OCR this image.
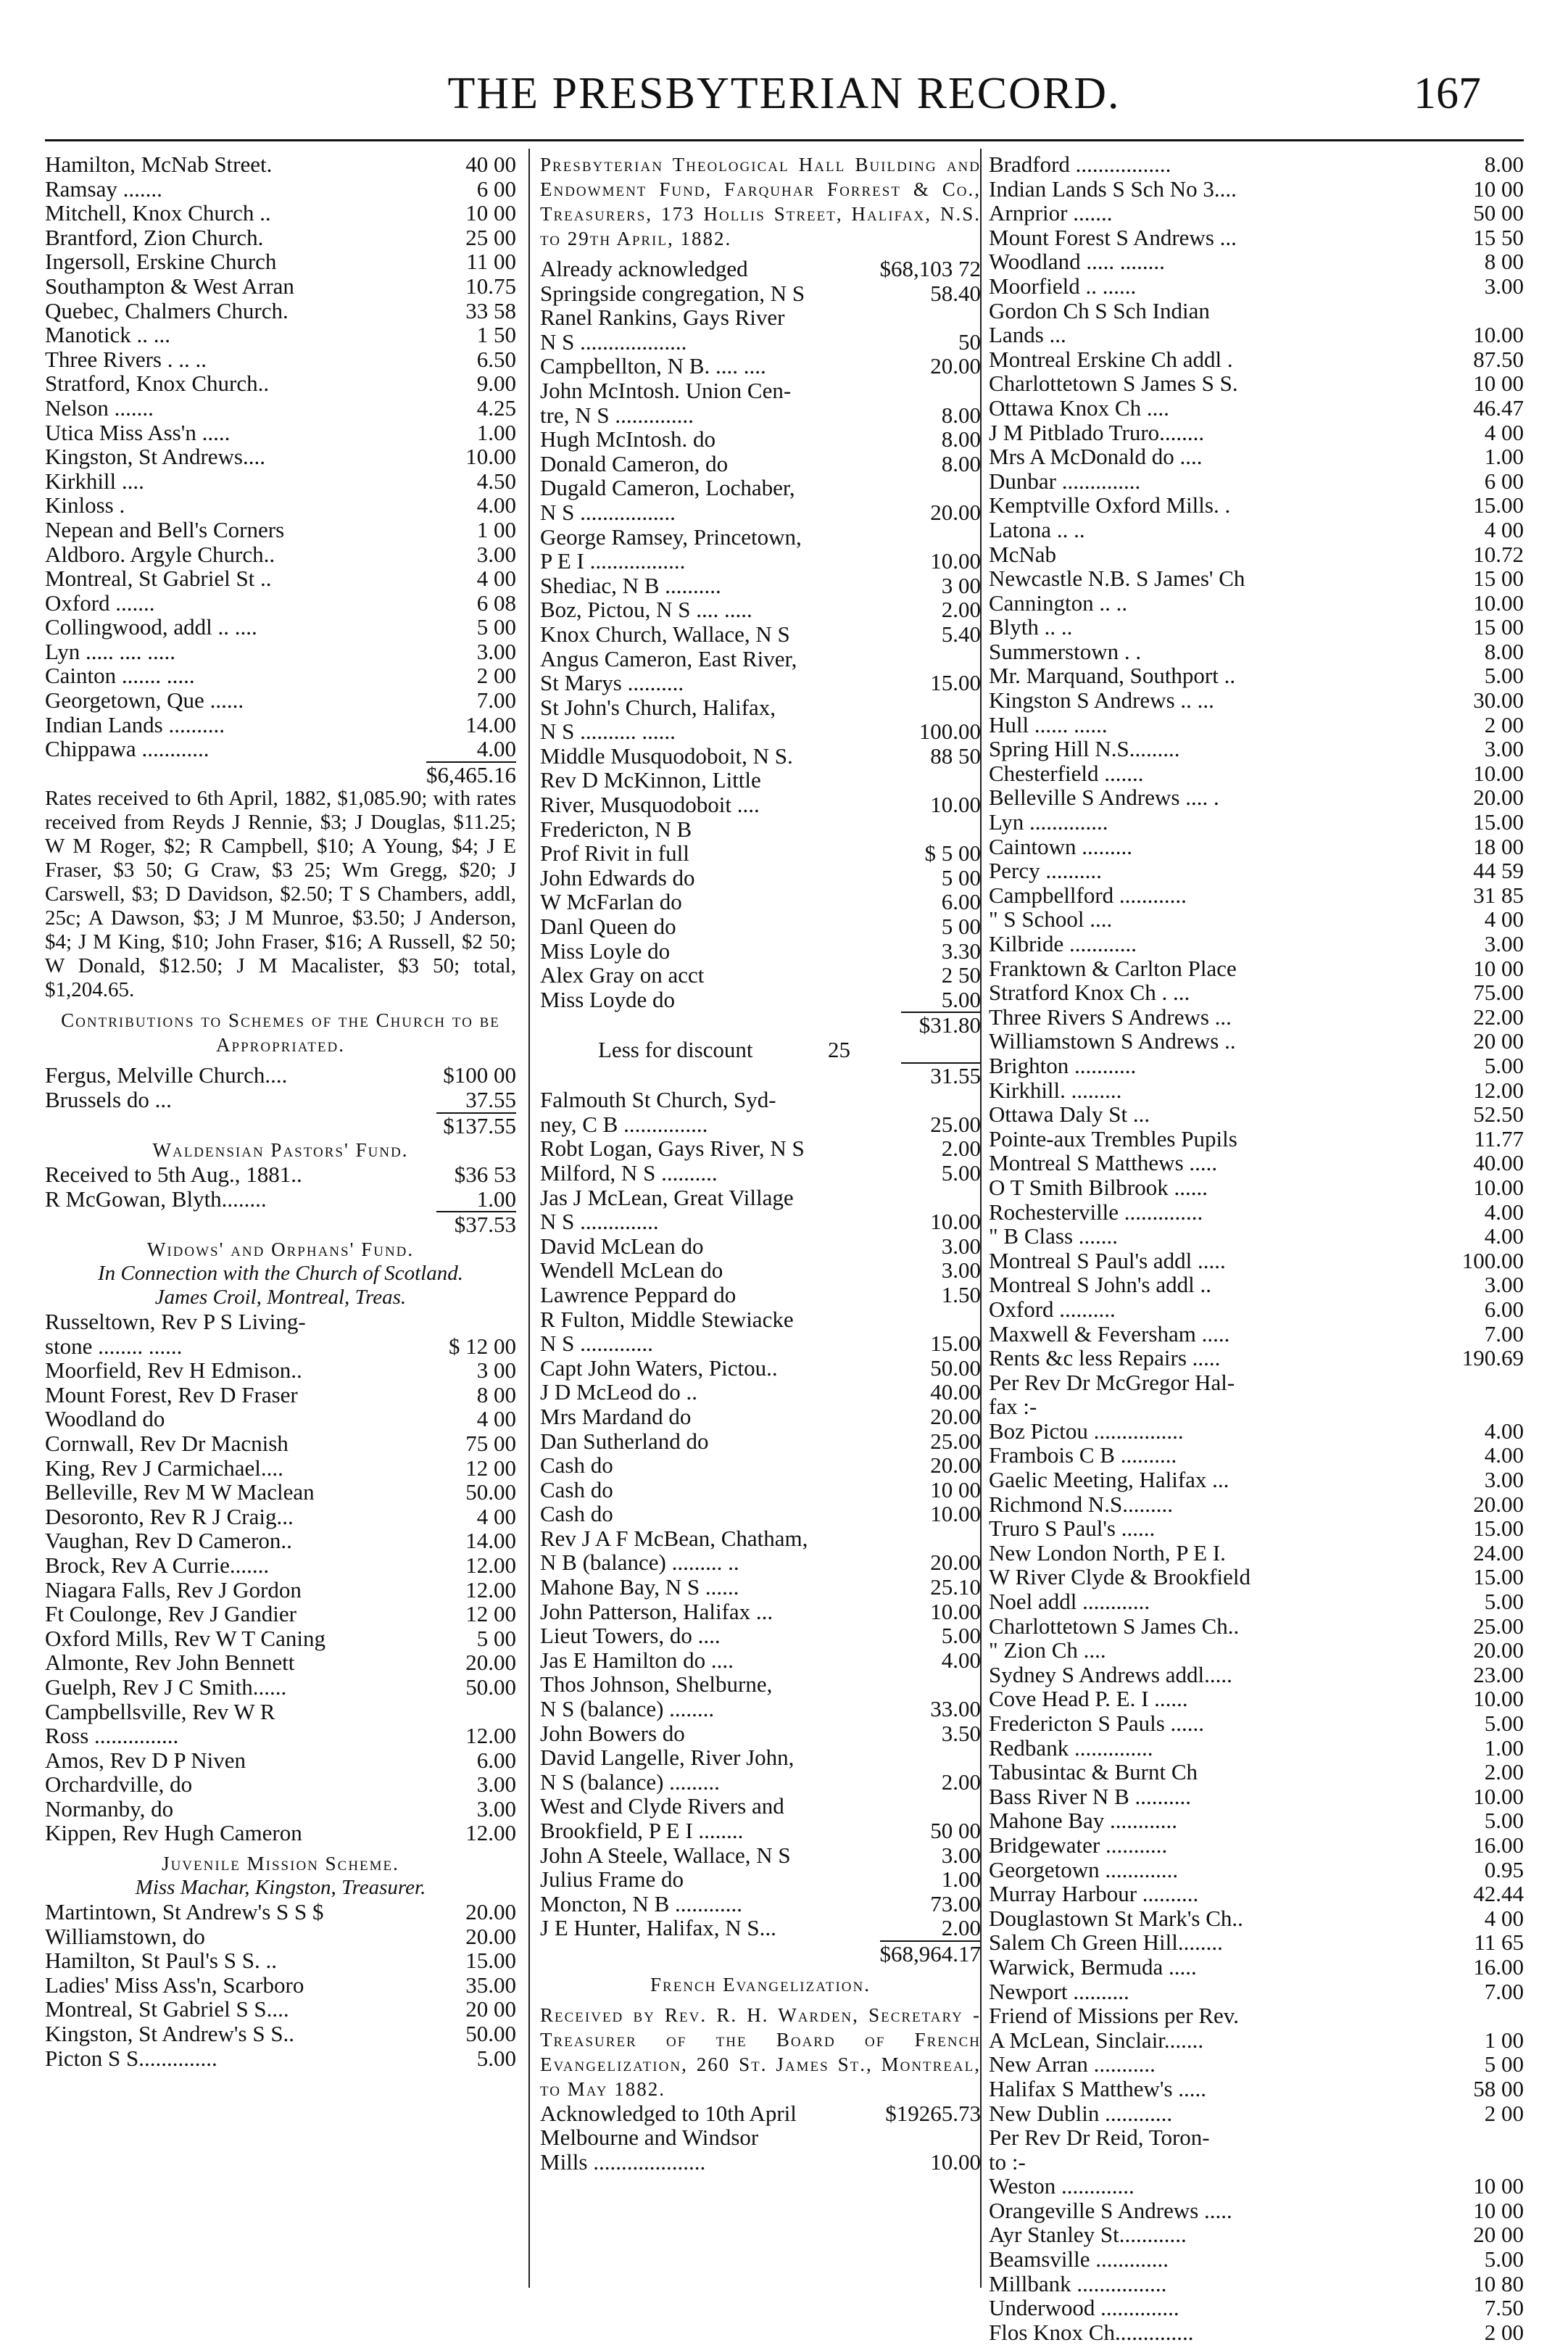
THE PRESBYTERIAN RECORD.	167
Hamilton, McNab Street.	40 00
Ramsay .......	6 00
Mitchell, Knox Church ..	10 00
Brantford, Zion Church.	25 00
Ingersoll, Erskine Church	11 00
Southampton & West Arran	10.75
Quebec, Chalmers Church.	33 58
Manotick .. ...	1 50
Three Rivers . .. ..	6.50
Stratford, Knox Church..	9.00
Nelson .......	4.25
Utica Miss Ass'n .....	1.00
Kingston, St Andrews....	10.00
Kirkhill ....	4.50
Kinloss .	4.00
Nepean and Bell's Corners	1 00
Aldboro. Argyle Church..	3.00
Montreal, St Gabriel St ..	4 00
Oxford .......	6 08
Collingwood, addl .. ....	5 00
Lyn ..... .... .....	3.00
Cainton ....... .....	2 00
Georgetown, Que ......	7.00
Indian Lands ..........	14.00
Chippawa ............	4.00
$6,465.16
Rates received to 6th April, 1882, $1,085.90; with rates received from Reyds J Rennie, $3; J Douglas, $11.25; W M Roger, $2; R Campbell, $10; A Young, $4; J E Fraser, $3 50; G Craw, $3 25; Wm Gregg, $20; J Carswell, $3; D Davidson, $2.50; T S Chambers, addl, 25c; A Dawson, $3; J M Munroe, $3.50; J Anderson, $4; J M King, $10; John Fraser, $16; A Russell, $2 50; W Donald, $12.50; J M Macalister, $3 50; total, $1,204.65.
Contributions to Schemes of the Church to be Appropriated.
Fergus, Melville Church....	$100 00
Brussels do ...	37.55
$137.55
Waldensian Pastors' Fund.
Received to 5th Aug., 1881..	$36 53
R McGowan, Blyth........	1.00
$37.53
Widows' and Orphans' Fund.
In Connection with the Church of Scotland.
James Croil, Montreal, Treas.
Russeltown, Rev P S Living-
stone ........ ......	$ 12 00
Moorfield, Rev H Edmison..	3 00
Mount Forest, Rev D Fraser	8 00
Woodland do	4 00
Cornwall, Rev Dr Macnish	75 00
King, Rev J Carmichael....	12 00
Belleville, Rev M W Maclean	50.00
Desoronto, Rev R J Craig...	4 00
Vaughan, Rev D Cameron..	14.00
Brock, Rev A Currie.......	12.00
Niagara Falls, Rev J Gordon	12.00
Ft Coulonge, Rev J Gandier	12 00
Oxford Mills, Rev W T Caning	5 00
Almonte, Rev John Bennett	20.00
Guelph, Rev J C Smith......	50.00
Campbellsville, Rev W R
Ross ...............	12.00
Amos, Rev D P Niven	6.00
Orchardville, do	3.00
Normanby, do	3.00
Kippen, Rev Hugh Cameron	12.00
Juvenile Mission Scheme.
Miss Machar, Kingston, Treasurer.
Martintown, St Andrew's S S $	20.00
Williamstown, do	20.00
Hamilton, St Paul's S S. ..	15.00
Ladies' Miss Ass'n, Scarboro	35.00
Montreal, St Gabriel S S....	20 00
Kingston, St Andrew's S S..	50.00
Picton S S..............	5.00
Presbyterian Theological Hall Building and Endowment Fund, Farquhar Forrest & Co., Treasurers, 173 Hollis Street, Halifax, N.S. to 29th April, 1882.
Already acknowledged	$68,103 72
Springside congregation, N S	58.40
Ranel Rankins, Gays River
N S ...................	50
Campbellton, N B. .... ....	20.00
John McIntosh. Union Cen-
tre, N S ..............	8.00
Hugh McIntosh. do	8.00
Donald Cameron, do	8.00
Dugald Cameron, Lochaber,
N S .................	20.00
George Ramsey, Princetown,
P E I .................	10.00
Shediac, N B ..........	3 00
Boz, Pictou, N S .... .....	2.00
Knox Church, Wallace, N S	5.40
Angus Cameron, East River,
St Marys ..........	15.00
St John's Church, Halifax,
N S .......... ......	100.00
Middle Musquodoboit, N S.	88 50
Rev D McKinnon, Little
River, Musquodoboit ....	10.00
Fredericton, N B
Prof Rivit in full	$ 5 00
John Edwards do	5 00
W McFarlan do	6.00
Danl Queen do	5 00
Miss Loyle do	3.30
Alex Gray on acct	2 50
Miss Loyde do	5.00
$31.80
Less for discount	25
31.55
Falmouth St Church, Syd-
ney, C B ...............	25.00
Robt Logan, Gays River, N S	2.00
Milford, N S ..........	5.00
Jas J McLean, Great Village
N S ..............	10.00
David McLean do	3.00
Wendell McLean do	3.00
Lawrence Peppard do	1.50
R Fulton, Middle Stewiacke
N S .............	15.00
Capt John Waters, Pictou..	50.00
J D McLeod do ..	40.00
Mrs Mardand do	20.00
Dan Sutherland do	25.00
Cash do	20.00
Cash do	10 00
Cash do	10.00
Rev J A F McBean, Chatham,
N B (balance) ......... ..	20.00
Mahone Bay, N S ......	25.10
John Patterson, Halifax ...	10.00
Lieut Towers, do ....	5.00
Jas E Hamilton do ....	4.00
Thos Johnson, Shelburne,
N S (balance) ........	33.00
John Bowers do	3.50
David Langelle, River John,
N S (balance) .........	2.00
West and Clyde Rivers and
Brookfield, P E I ........	50 00
John A Steele, Wallace, N S	3.00
Julius Frame do	1.00
Moncton, N B ............	73.00
J E Hunter, Halifax, N S...	2.00
$68,964.17
French Evangelization.
Received by Rev. R. H. Warden, Secretary - Treasurer of the Board of French Evangelization, 260 St. James St., Montreal, to May 1882.
Acknowledged to 10th April	$19265.73
Melbourne and Windsor
Mills ....................	10.00
Bradford .................	8.00
Indian Lands S Sch No 3....	10 00
Arnprior .......	50 00
Mount Forest S Andrews ...	15 50
Woodland ..... ........	8 00
Moorfield .. ......	3.00
Gordon Ch S Sch Indian
Lands ...	10.00
Montreal Erskine Ch addl .	87.50
Charlottetown S James S S.	10 00
Ottawa Knox Ch ....	46.47
J M Pitblado Truro........	4 00
Mrs A McDonald do ....	1.00
Dunbar ..............	6 00
Kemptville Oxford Mills. .	15.00
Latona .. ..	4 00
McNab	10.72
Newcastle N.B. S James' Ch	15 00
Cannington .. ..	10.00
Blyth .. ..	15 00
Summerstown . .	8.00
Mr. Marquand, Southport ..	5.00
Kingston S Andrews .. ...	30.00
Hull ...... ......	2 00
Spring Hill N.S.........	3.00
Chesterfield .......	10.00
Belleville S Andrews .... .	20.00
Lyn ..............	15.00
Caintown .........	18 00
Percy ..........	44 59
Campbellford ............	31 85
" S School ....	4 00
Kilbride ............	3.00
Franktown & Carlton Place	10 00
Stratford Knox Ch . ...	75.00
Three Rivers S Andrews ...	22.00
Williamstown S Andrews ..	20 00
Brighton ...........	5.00
Kirkhill. .........	12.00
Ottawa Daly St ...	52.50
Pointe-aux Trembles Pupils	11.77
Montreal S Matthews .....	40.00
O T Smith Bilbrook ......	10.00
Rochesterville ..............	4.00
" B Class .......	4.00
Montreal S Paul's addl .....	100.00
Montreal S John's addl ..	3.00
Oxford ..........	6.00
Maxwell & Feversham .....	7.00
Rents &c less Repairs .....	190.69
Per Rev Dr McGregor Hal-
fax :-
Boz Pictou ................	4.00
Frambois C B ..........	4.00
Gaelic Meeting, Halifax ...	3.00
Richmond N.S.........	20.00
Truro S Paul's ......	15.00
New London North, P E I.	24.00
W River Clyde & Brookfield	15.00
Noel addl ............	5.00
Charlottetown S James Ch..	25.00
" Zion Ch ....	20.00
Sydney S Andrews addl.....	23.00
Cove Head P. E. I ......	10.00
Fredericton S Pauls ......	5.00
Redbank ..............	1.00
Tabusintac & Burnt Ch	2.00
Bass River N B ..........	10.00
Mahone Bay ............	5.00
Bridgewater ...........	16.00
Georgetown .............	0.95
Murray Harbour ..........	42.44
Douglastown St Mark's Ch..	4 00
Salem Ch Green Hill........	11 65
Warwick, Bermuda .....	16.00
Newport ..........	7.00
Friend of Missions per Rev.
A McLean, Sinclair.......	1 00
New Arran ...........	5 00
Halifax S Matthew's .....	58 00
New Dublin ............	2 00
Per Rev Dr Reid, Toron-
to :-
Weston .............	10 00
Orangeville S Andrews .....	10 00
Ayr Stanley St............	20 00
Beamsville .............	5.00
Millbank ................	10 80
Underwood ..............	7.50
Flos Knox Ch..............	2 00
